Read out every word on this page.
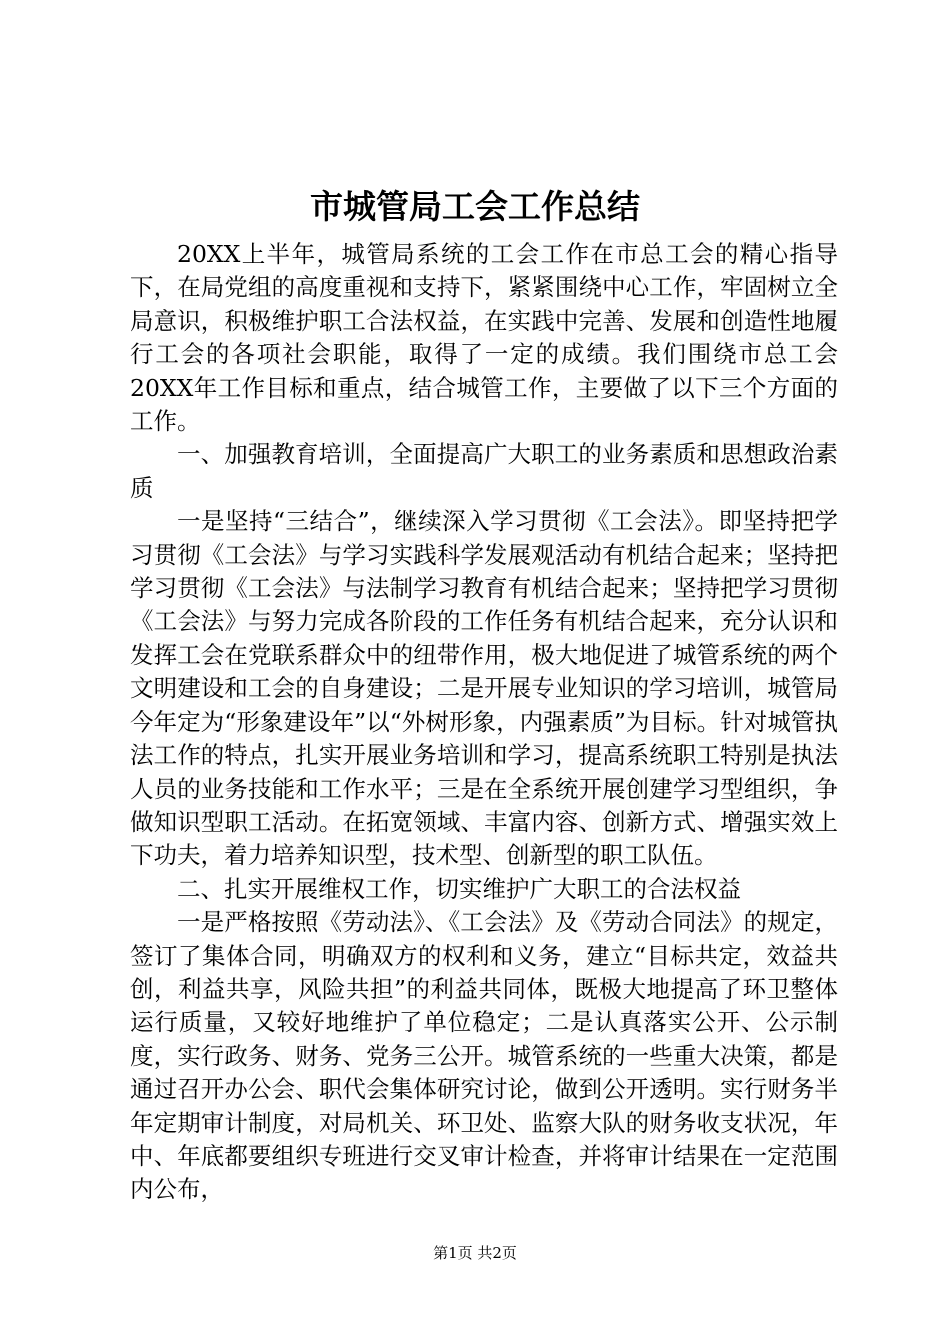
市城管局工会工作总结

20XX上半年，城管局系统的工会工作在市总工会的精心指导下，在局党组的高度重视和支持下，紧紧围绕中心工作，牢固树立全局意识，积极维护职工合法权益，在实践中完善、发展和创造性地履行工会的各项社会职能，取得了一定的成绩。我们围绕市总工会20XX年工作目标和重点，结合城管工作，主要做了以下三个方面的工作。

一、加强教育培训，全面提高广大职工的业务素质和思想政治素质

一是坚持“三结合”，继续深入学习贯彻《工会法》。即坚持把学习贯彻《工会法》与学习实践科学发展观活动有机结合起来；坚持把学习贯彻《工会法》与法制学习教育有机结合起来；坚持把学习贯彻《工会法》与努力完成各阶段的工作任务有机结合起来，充分认识和发挥工会在党联系群众中的纽带作用，极大地促进了城管系统的两个文明建设和工会的自身建设；二是开展专业知识的学习培训，城管局今年定为“形象建设年”以“外树形象，内强素质”为目标。针对城管执法工作的特点，扎实开展业务培训和学习，提高系统职工特别是执法人员的业务技能和工作水平；三是在全系统开展创建学习型组织，争做知识型职工活动。在拓宽领域、丰富内容、创新方式、增强实效上下功夫，着力培养知识型，技术型、创新型的职工队伍。

二、扎实开展维权工作，切实维护广大职工的合法权益

一是严格按照《劳动法》、《工会法》及《劳动合同法》的规定，签订了集体合同，明确双方的权利和义务，建立“目标共定，效益共创，利益共享，风险共担”的利益共同体，既极大地提高了环卫整体运行质量，又较好地维护了单位稳定；二是认真落实公开、公示制度，实行政务、财务、党务三公开。城管系统的一些重大决策，都是通过召开办公会、职代会集体研究讨论，做到公开透明。实行财务半年定期审计制度，对局机关、环卫处、监察大队的财务收支状况，年中、年底都要组织专班进行交叉审计检查，并将审计结果在一定范围内公布，

第1页 共2页
